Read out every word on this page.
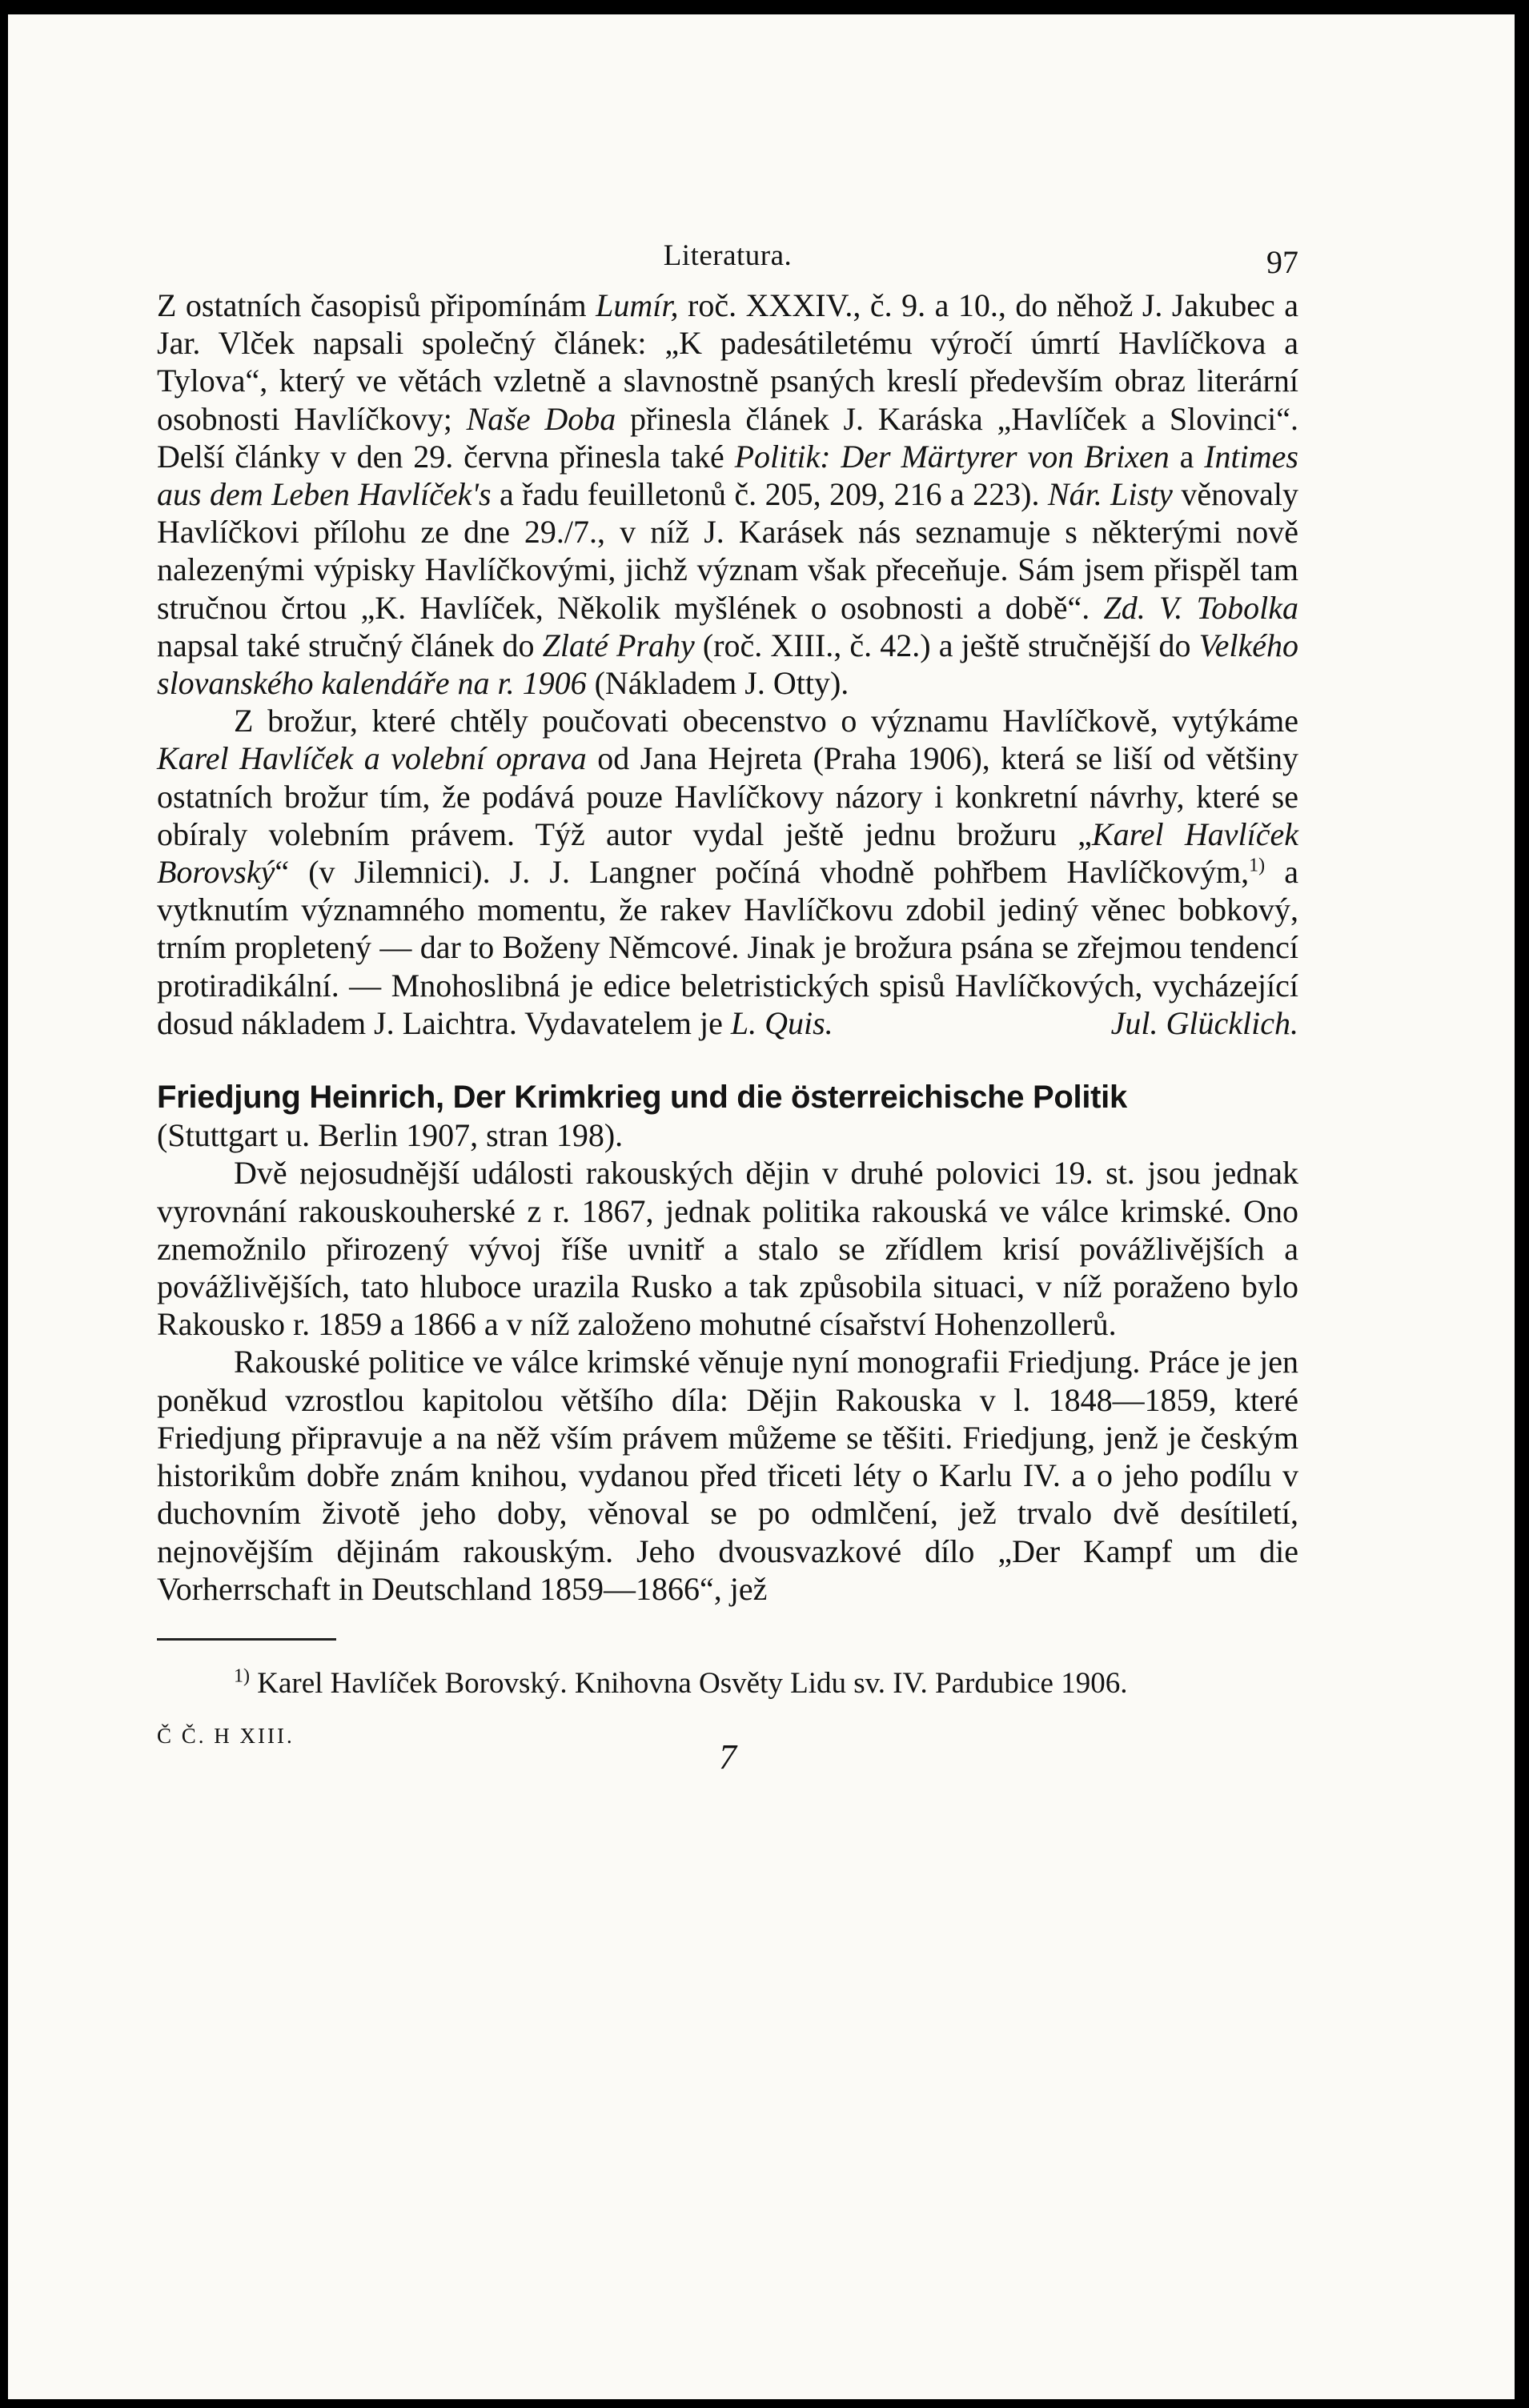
Literatura.	97

Z ostatních časopisů připomínám Lumír, roč. XXXIV., č. 9. a 10., do něhož J. Jakubec a Jar. Vlček napsali společný článek: „K padesátiletému výročí úmrtí Havlíčkova a Tylova“, který ve větách vzletně a slavnostně psaných kreslí především obraz literární osobnosti Havlíčkovy; Naše Doba přinesla článek J. Karáska „Havlíček a Slovinci“. Delší články v den 29. června přinesla také Politik: Der Märtyrer von Brixen a Intimes aus dem Leben Havlíček's a řadu feuilletonů č. 205, 209, 216 a 223). Nár. Listy věnovaly Havlíčkovi přílohu ze dne 29./7., v níž J. Karásek nás seznamuje s některými nově nalezenými výpisky Havlíčkovými, jichž význam však přeceňuje. Sám jsem přispěl tam stručnou črtou „K. Havlíček, Několik myšlének o osobnosti a době“. Zd. V. Tobolka napsal také stručný článek do Zlaté Prahy (roč. XIII., č. 42.) a ještě stručnější do Velkého slovanského kalendáře na r. 1906 (Nákladem J. Otty).

Z brožur, které chtěly poučovati obecenstvo o významu Havlíčkově, vytýkáme Karel Havlíček a volební oprava od Jana Hejreta (Praha 1906), která se liší od většiny ostatních brožur tím, že podává pouze Havlíčkovy názory i konkretní návrhy, které se obíraly volebním právem. Týž autor vydal ještě jednu brožuru „Karel Havlíček Borovský“ (v Jilemnici). J. J. Langner počíná vhodně pohřbem Havlíčkovým,$^{1)}$ a vytknutím významného momentu, že rakev Havlíčkovu zdobil jediný věnec bobkový, trním propletený — dar to Boženy Němcové. Jinak je brožura psána se zřejmou tendencí protiradikální. — Mnohoslibná je edice beletristických spisů Havlíčkových, vycházející dosud nákladem J. Laichtra. Vydavatelem je L. Quis.	Jul. Glücklich.

Friedjung Heinrich, Der Krimkrieg und die österreichische Politik

(Stuttgart u. Berlin 1907, stran 198).

Dvě nejosudnější události rakouských dějin v druhé polovici 19. st. jsou jednak vyrovnání rakouskouherské z r. 1867, jednak politika rakouská ve válce krimské. Ono znemožnilo přirozený vývoj říše uvnitř a stalo se zřídlem krisí povážlivějších a povážlivějších, tato hluboce urazila Rusko a tak způsobila situaci, v níž poraženo bylo Rakousko r. 1859 a 1866 a v níž založeno mohutné císařství Hohenzollerů.

Rakouské politice ve válce krimské věnuje nyní monografii Friedjung. Práce je jen poněkud vzrostlou kapitolou většího díla: Dějin Rakouska v l. 1848—1859, které Friedjung připravuje a na něž vším právem můžeme se těšiti. Friedjung, jenž je českým historikům dobře znám knihou, vydanou před třiceti léty o Karlu IV. a o jeho podílu v duchovním životě jeho doby, věnoval se po odmlčení, jež trvalo dvě desítiletí, nejnovějším dějinám rakouským. Jeho dvousvazkové dílo „Der Kampf um die Vorherrschaft in Deutschland 1859—1866“, jež

$^{1)}$ Karel Havlíček Borovský. Knihovna Osvěty Lidu sv. IV. Pardubice 1906.

Č Č. H XIII.
7
